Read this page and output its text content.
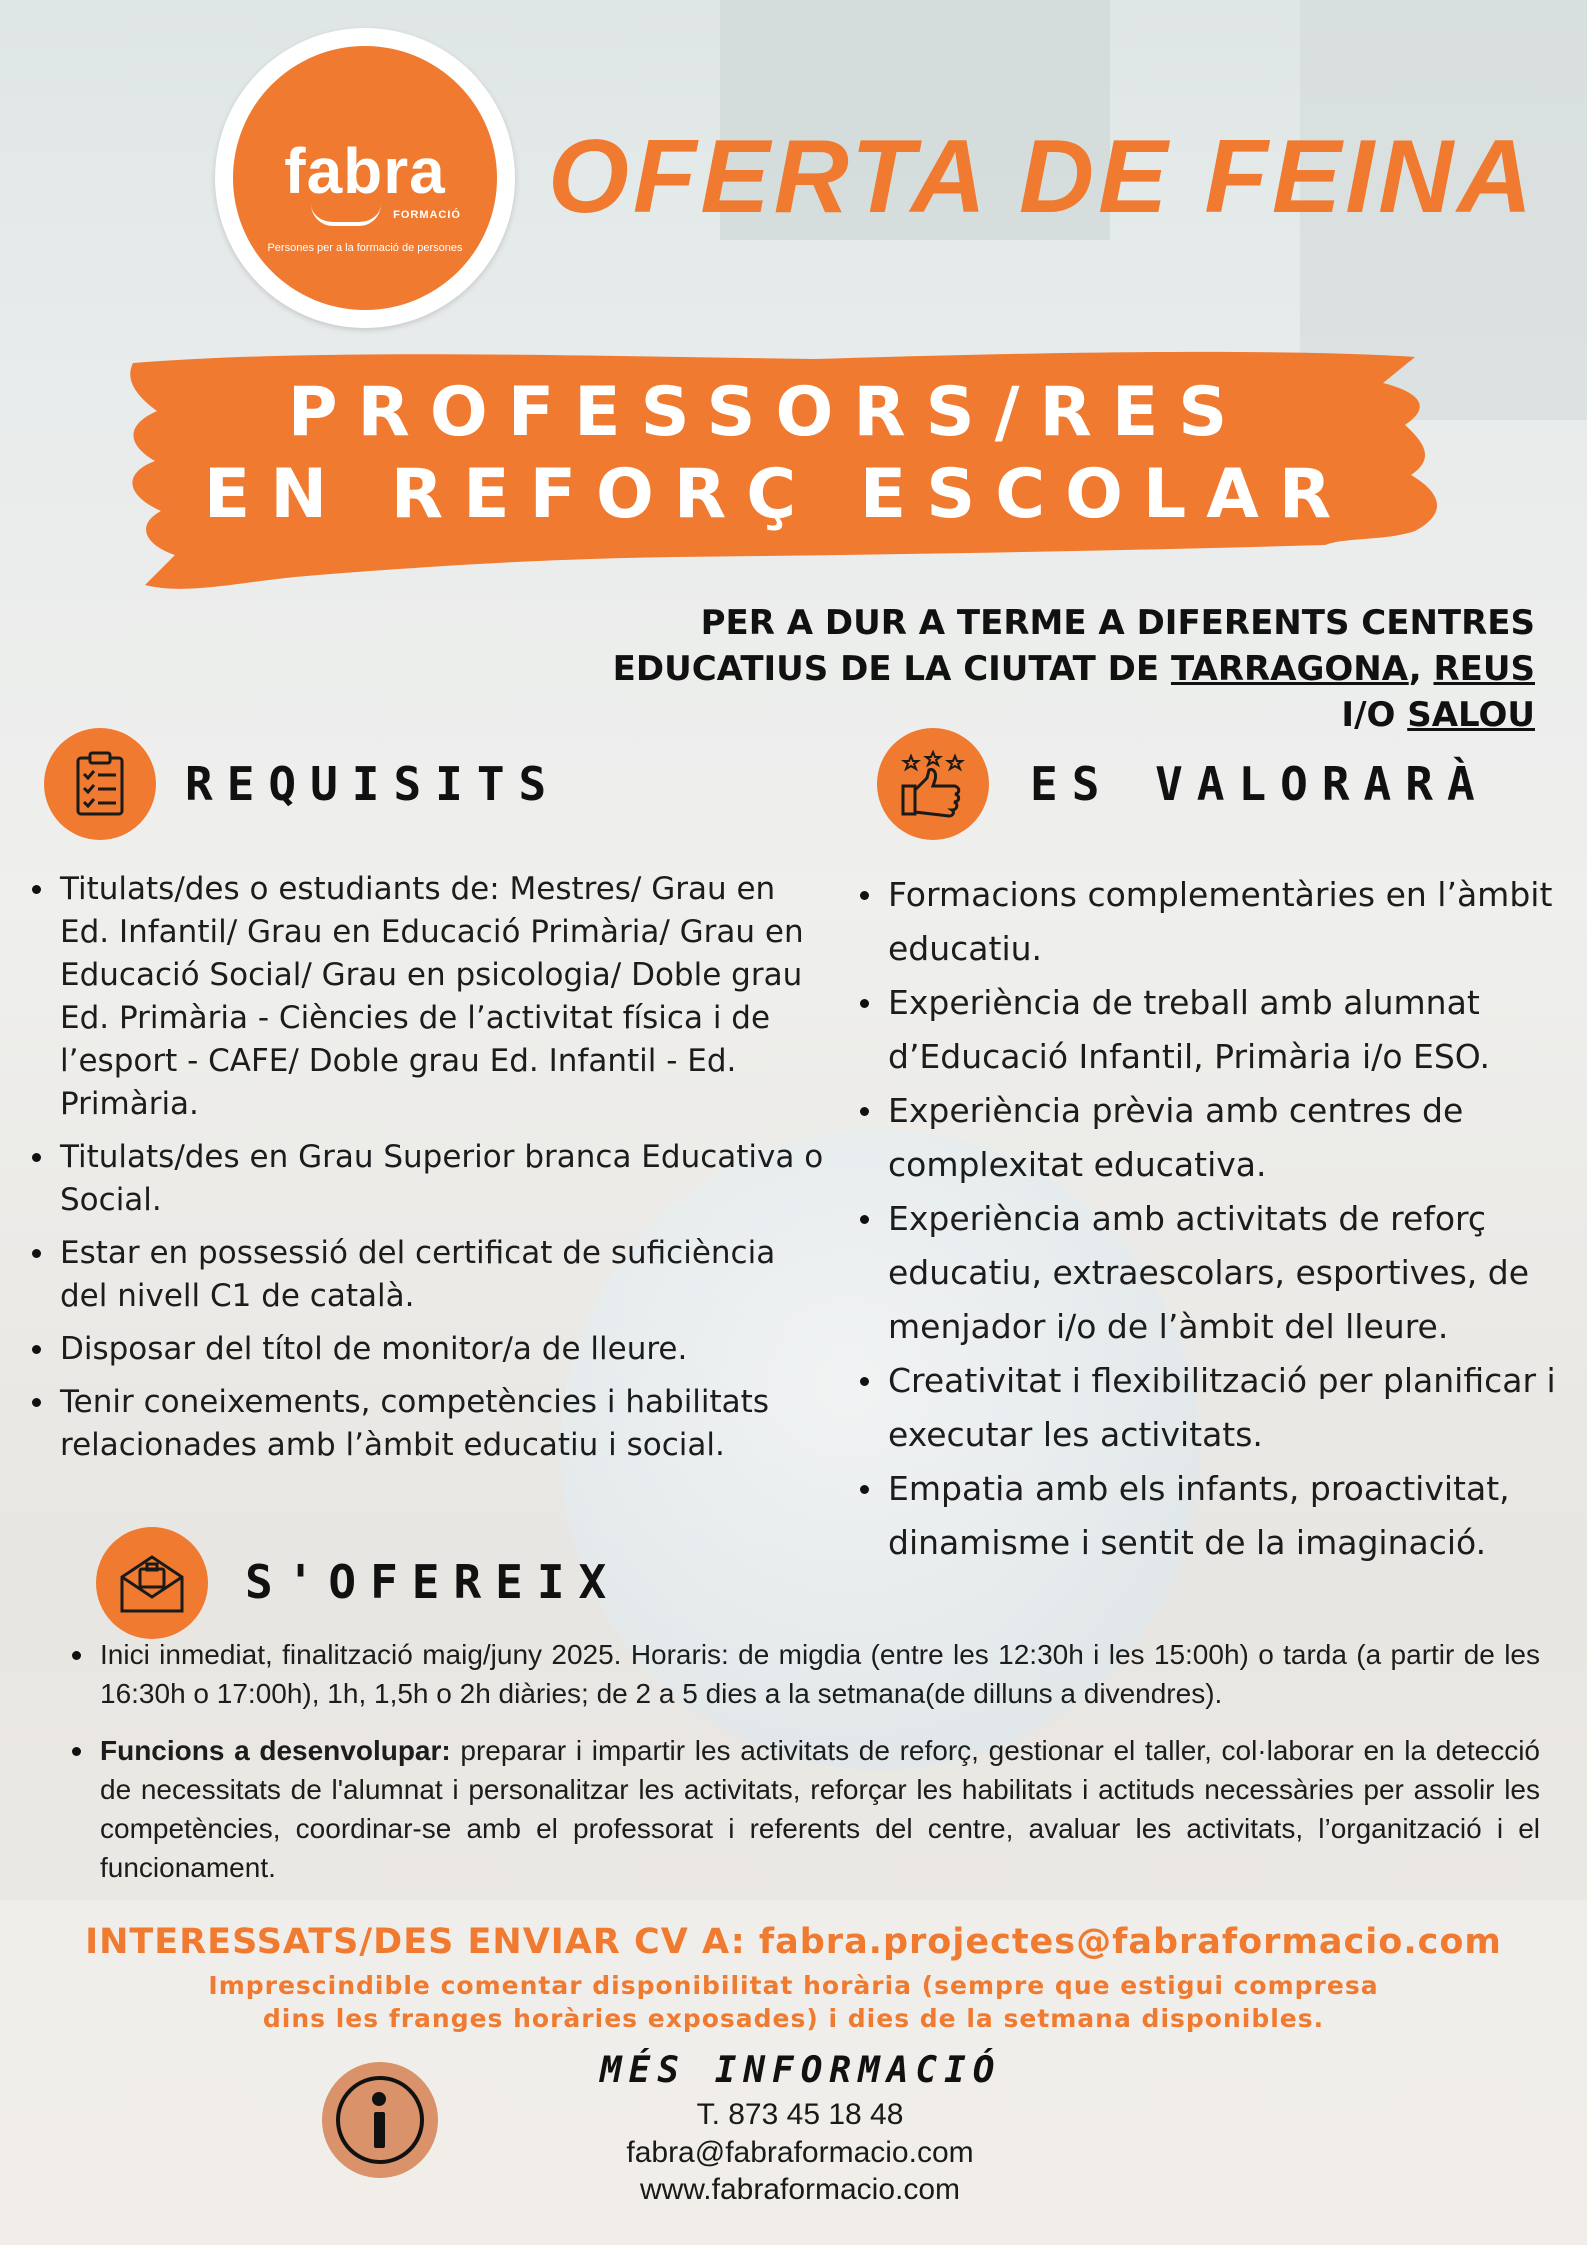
fabra
FORMACIÓ
Persones per a la formació de persones
OFERTA DE FEINA
PROFESSORS/RES
EN REFORÇ ESCOLAR
PER A DUR A TERME A DIFERENTS CENTRES
EDUCATIUS DE LA CIUTAT DE TARRAGONA, REUS
I/O SALOU
REQUISITS
Titulats/des o estudiants de: Mestres/ Grau en Ed. Infantil/ Grau en Educació Primària/ Grau en Educació Social/ Grau en psicologia/ Doble grau Ed. Primària - Ciències de l’activitat física i de l’esport - CAFE/ Doble grau Ed. Infantil - Ed. Primària.
Titulats/des en Grau Superior branca Educativa o Social.
Estar en possessió del certificat de suficiència del nivell C1 de català.
Disposar del títol de monitor/a de lleure.
Tenir coneixements, competències i habilitats relacionades amb l’àmbit educatiu i social.
ES VALORARÀ
Formacions complementàries en l’àmbit educatiu.
Experiència de treball amb alumnat d’Educació Infantil, Primària i/o ESO.
Experiència prèvia amb centres de complexitat educativa.
Experiència amb activitats de reforç educatiu, extraescolars, esportives, de menjador i/o de l’àmbit del lleure.
Creativitat i flexibilització per planificar i executar les activitats.
Empatia amb els infants, proactivitat, dinamisme i sentit de la imaginació.
S'OFEREIX
Inici inmediat, finalització maig/juny 2025. Horaris: de migdia (entre les 12:30h i les 15:00h) o tarda (a partir de les 16:30h o 17:00h), 1h, 1,5h o 2h diàries; de 2 a 5 dies a la setmana(de dilluns a divendres).
Funcions a desenvolupar: preparar i impartir les activitats de reforç, gestionar el taller, col·laborar en la detecció de necessitats de l'alumnat i personalitzar les activitats, reforçar les habilitats i actituds necessàries per assolir les competències, coordinar-se amb el professorat i referents del centre, avaluar les activitats, l’organització i el funcionament.
INTERESSATS/DES ENVIAR CV A: fabra.projectes@fabraformacio.com
Imprescindible comentar disponibilitat horària (sempre que estigui compresa
dins les franges horàries exposades) i dies de la setmana disponibles.
MÉS INFORMACIÓ
T. 873 45 18 48
fabra@fabraformacio.com
www.fabraformacio.com
